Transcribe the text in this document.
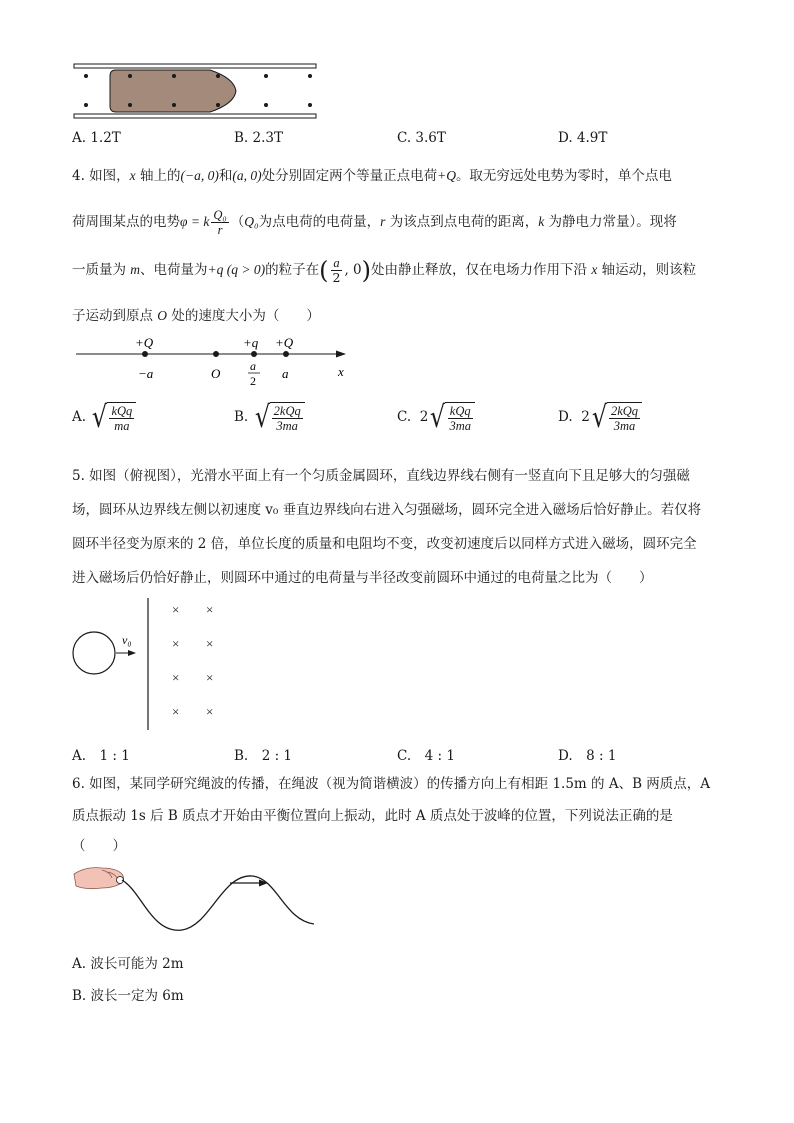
A. 1.2T	B. 2.3T	C. 3.6T	D. 4.9T
4. 如图，x 轴上的(−a, 0)和(a, 0)处分别固定两个等量正点电荷+Q。取无穷远处电势为零时，单个点电
荷周围某点的电势φ = k $\frac{\text{Q₀}}{r} (Q_0$为点电荷的电荷量，r 为该点到点电荷的距离，k 为静电力常量）。现将
一质量为 m、电荷量为+q (q > 0)的粒子在( $\frac{a}{2}$ , 0)处由静止释放，仅在电场力作用下沿 x 轴运动，则该粒
子运动到原点 O 处的速度大小为（　　）
+Q	+q +Q
−a	O a
2 a	x
A. √ $\frac{\text{kQq}}{ma}$	B. √ $\frac{\text{2kQq}}{3ma}$	C. 2 √ $\frac{\text{kQq}}{3ma}$	D. 2 √ $\frac{\text{2kQq}}{3ma}$
5. 如图（俯视图），光滑水平面上有一个匀质金属圆环，直线边界线右侧有一竖直向下且足够大的匀强磁
场，圆环从边界线左侧以初速度 v₀ 垂直边界线向右进入匀强磁场，圆环完全进入磁场后恰好静止。若仅将
圆环半径变为原来的 2 倍，单位长度的质量和电阻均不变，改变初速度后以同样方式进入磁场，圆环完全
进入磁场后仍恰好静止，则圆环中通过的电荷量与半径改变前圆环中通过的电荷量之比为（　　）
v₀
× ×
× ×
× ×
× ×
A.　1 : 1	B.　2 : 1	C.　4 : 1	D.　8 : 1
6. 如图，某同学研究绳波的传播，在绳波（视为简谐横波）的传播方向上有相距 1.5m 的 A、B 两质点，A
质点振动 1s 后 B 质点才开始由平衡位置向上振动，此时 A 质点处于波峰的位置，下列说法正确的是
（　　）
A. 波长可能为 2m
B. 波长一定为 6m
